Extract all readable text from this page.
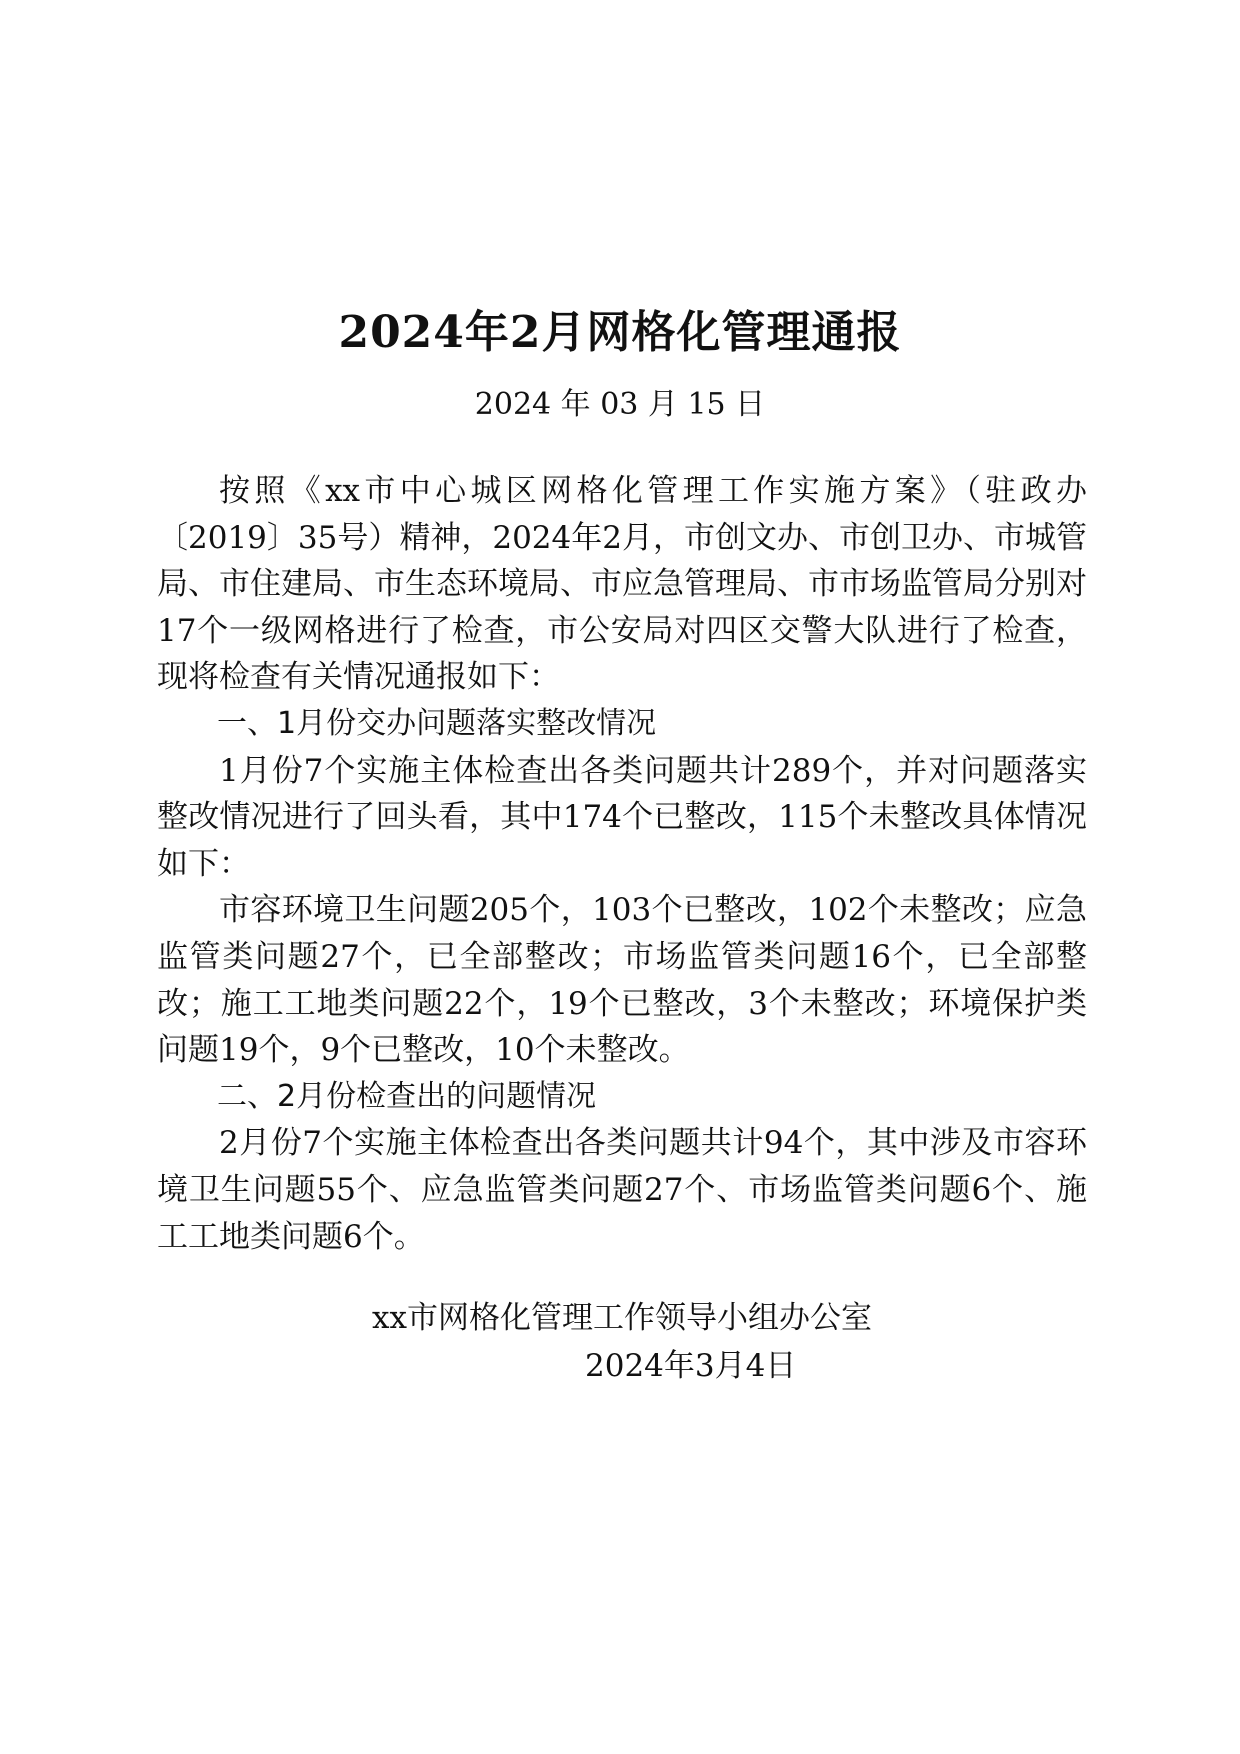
2024年2月网格化管理通报
2024 年 03 月 15 日

按照《xx市中心城区网格化管理工作实施方案》（驻政办〔2019〕35号）精神，2024年2月，市创文办、市创卫办、市城管局、市住建局、市生态环境局、市应急管理局、市市场监管局分别对17个一级网格进行了检查，市公安局对四区交警大队进行了检查，现将检查有关情况通报如下：

一、1月份交办问题落实整改情况

1月份7个实施主体检查出各类问题共计289个，并对问题落实整改情况进行了回头看，其中174个已整改，115个未整改具体情况如下：

市容环境卫生问题205个，103个已整改，102个未整改；应急监管类问题27个，已全部整改；市场监管类问题16个，已全部整改；施工工地类问题22个，19个已整改，3个未整改；环境保护类问题19个，9个已整改，10个未整改。

二、2月份检查出的问题情况

2月份7个实施主体检查出各类问题共计94个，其中涉及市容环境卫生问题55个、应急监管类问题27个、市场监管类问题6个、施工工地类问题6个。

xx市网格化管理工作领导小组办公室
2024年3月4日
